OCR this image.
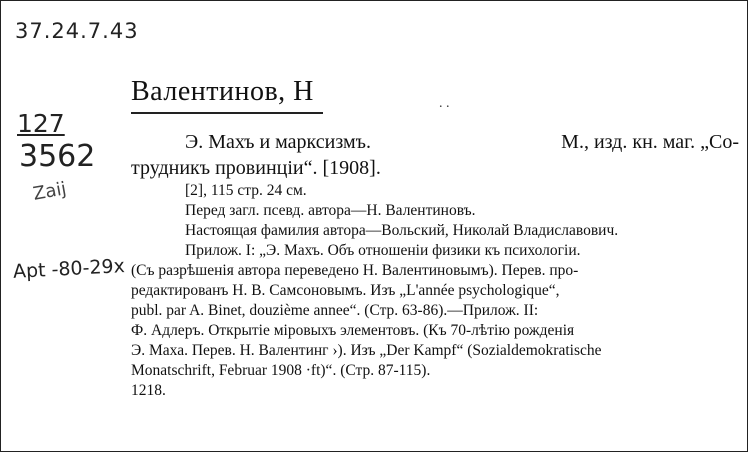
37.24.7.43
127
3562
Zaij
Apt -80-29x
Валентинов, Н	. .
Э. Махъ и марксизмъ.	М., изд. кн. маг. „Со-
трудникъ провинціи“. [1908].
[2], 115 стр. 24 см.
Перед загл. псевд. автора—Н. Валентиновъ.
Настоящая фамилия автора—Вольский, Николай Владиславович.
Прилож. I: „Э. Махъ. Объ отношеніи физики къ психологіи.
(Съ разрѣшенія автора переведено Н. Валентиновымъ). Перев. про-
редактированъ Н. В. Самсоновымъ. Изъ „L'année psychologique“,
publ. par A. Binet, douzième annee“. (Стр. 63-86).—Прилож. II:
Ф. Адлеръ. Открытіе міровыхъ элементовъ. (Къ 70-лѣтію рожденія
Э. Маха. Перев. Н. Валентинг ›). Изъ „Der Kampf“ (Sozialdemokratische
Monatschrift, Februar 1908 ·ft)“. (Стр. 87-115).
1218.
